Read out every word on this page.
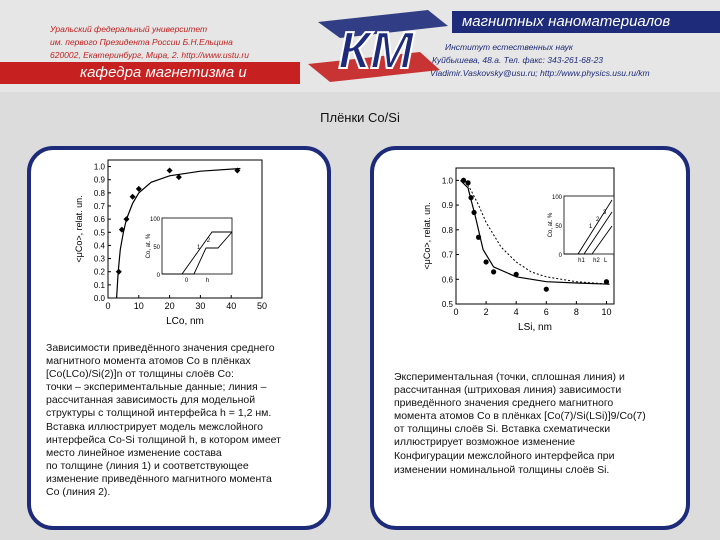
Уральский федеральный университет
им. первого Президента России Б.Н.Ельцина
620002, Екатеринбург, Мира, 2. http://www.ustu.ru
кафедра магнетизма и
магнитных наноматериалов
Институт естественных наук
Куйбышева, 48.а. Тел. факс: 343-261-68-23
Vladimir.Vaskovsky@usu.ru; http://www.physics.usu.ru/km
КМ
Плёнки Co/Si
0	10 20 30 40 50
0.0
0.1
0.2
0.3
0.4
0.5
0.6
0.7
0.8
0.9
1.0
LCo, nm
<μCo>, relat. un.
0
50
100
0	h
Co, at. %	1
2
0	2	4	6	8	10
0.5
0.6
0.7
0.8
0.9
1.0
LSi, nm
<μCo>, relat. un.	0
50
100
h1 h2
Co, at. %
L
1
2
3
Зависимости приведённого значения среднего
магнитного момента атомов Co в плёнках
[Co(LCo)/Si(2)]n от толщины слоёв Co:
точки – экспериментальные данные; линия –
рассчитанная зависимость для модельной
структуры с толщиной интерфейса h = 1,2 нм.
Вставка иллюстрирует модель межслойного
интерфейса Co-Si толщиной h, в котором имеет
место линейное изменение состава
по толщине (линия 1) и соответствующее
изменение приведённого магнитного момента
Co (линия 2).
Экспериментальная (точки, сплошная линия) и
рассчитанная (штриховая линия) зависимости
приведённого значения среднего магнитного
момента атомов Co в плёнках [Co(7)/Si(LSi)]9/Co(7)
от толщины слоёв Si. Вставка схематически
иллюстрирует возможное изменение
Конфигурации межслойного интерфейса при
изменении номинальной толщины слоёв Si.
